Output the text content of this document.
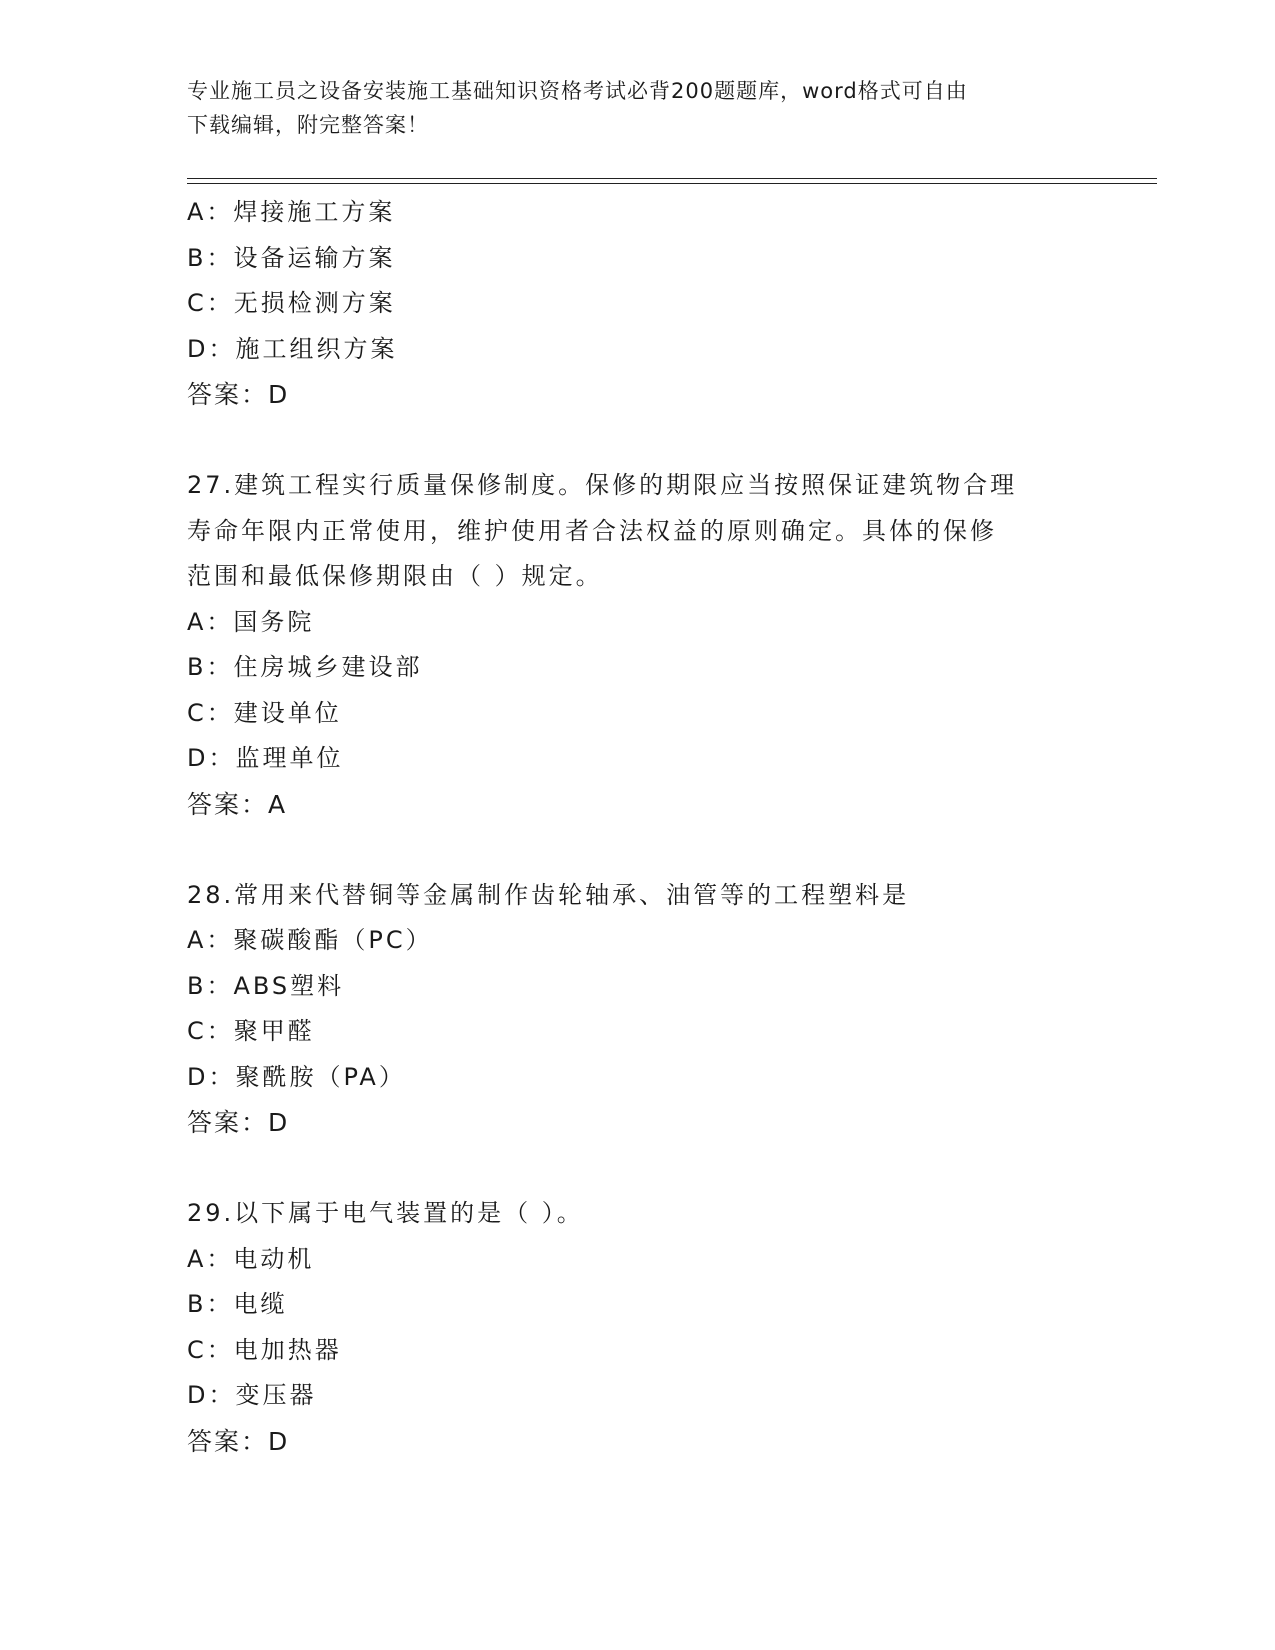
专业施工员之设备安装施工基础知识资格考试必背200题题库，word格式可自由
下载编辑，附完整答案！

A：焊接施工方案

B：设备运输方案

C：无损检测方案

D：施工组织方案

答案：D

27.建筑工程实行质量保修制度。保修的期限应当按照保证建筑物合理

寿命年限内正常使用，维护使用者合法权益的原则确定。具体的保修

范围和最低保修期限由（ ）规定。

A：国务院

B：住房城乡建设部

C：建设单位

D：监理单位

答案：A

28.常用来代替铜等金属制作齿轮轴承、油管等的工程塑料是

A：聚碳酸酯（PC）

B：ABS塑料

C：聚甲醛

D：聚酰胺（PA）

答案：D

29.以下属于电气装置的是（ ）。

A：电动机

B：电缆

C：电加热器

D：变压器

答案：D
